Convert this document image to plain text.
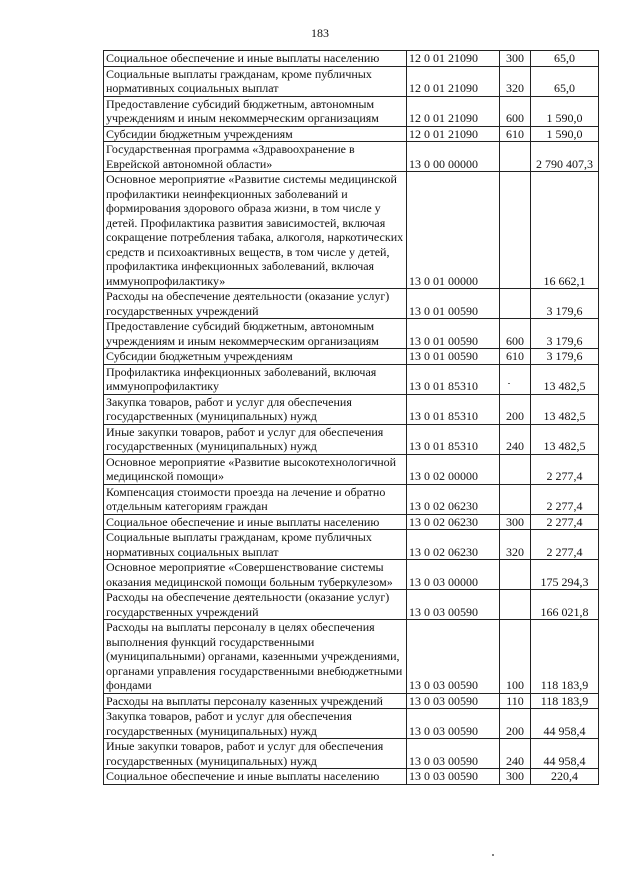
183
Социальное обеспечение и иные выплаты населению	12 0 01 21090	300	65,0
Социальные выплаты гражданам, кроме публичных нормативных социальных выплат	12 0 01 21090	320	65,0
Предоставление субсидий бюджетным, автономным учреждениям и иным некоммерческим организациям	12 0 01 21090	600	1 590,0
Субсидии бюджетным учреждениям	12 0 01 21090	610	1 590,0
Государственная программа «Здравоохранение в Еврейской автономной области»	13 0 00 00000		2 790 407,3
Основное мероприятие «Развитие системы медицинской профилактики неинфекционных заболеваний и формирования здорового образа жизни, в том числе у детей. Профилактика развития зависимостей, включая сокращение потребления табака, алкоголя, наркотических средств и психоактивных веществ, в том числе у детей, профилактика инфекционных заболеваний, включая иммунопрофилактику»	13 0 01 00000		16 662,1
Расходы на обеспечение деятельности (оказание услуг) государственных учреждений	13 0 01 00590		3 179,6
Предоставление субсидий бюджетным, автономным учреждениям и иным некоммерческим организациям	13 0 01 00590	600	3 179,6
Субсидии бюджетным учреждениям	13 0 01 00590	610	3 179,6
Профилактика инфекционных заболеваний, включая иммунопрофилактику	13 0 01 85310		13 482,5
Закупка товаров, работ и услуг для обеспечения государственных (муниципальных) нужд	13 0 01 85310	200	13 482,5
Иные закупки товаров, работ и услуг для обеспечения государственных (муниципальных) нужд	13 0 01 85310	240	13 482,5
Основное мероприятие «Развитие высокотехнологичной медицинской помощи»	13 0 02 00000		2 277,4
Компенсация стоимости проезда на лечение и обратно отдельным категориям граждан	13 0 02 06230		2 277,4
Социальное обеспечение и иные выплаты населению	13 0 02 06230	300	2 277,4
Социальные выплаты гражданам, кроме публичных нормативных социальных выплат	13 0 02 06230	320	2 277,4
Основное мероприятие «Совершенствование системы оказания медицинской помощи больным туберкулезом»	13 0 03 00000		175 294,3
Расходы на обеспечение деятельности (оказание услуг) государственных учреждений	13 0 03 00590		166 021,8
Расходы на выплаты персоналу в целях обеспечения выполнения функций государственными (муниципальными) органами, казенными учреждениями, органами управления государственными внебюджетными фондами	13 0 03 00590	100	118 183,9
Расходы на выплаты персоналу казенных учреждений	13 0 03 00590	110	118 183,9
Закупка товаров, работ и услуг для обеспечения государственных (муниципальных) нужд	13 0 03 00590	200	44 958,4
Иные закупки товаров, работ и услуг для обеспечения государственных (муниципальных) нужд	13 0 03 00590	240	44 958,4
Социальное обеспечение и иные выплаты населению	13 0 03 00590	300	220,4
